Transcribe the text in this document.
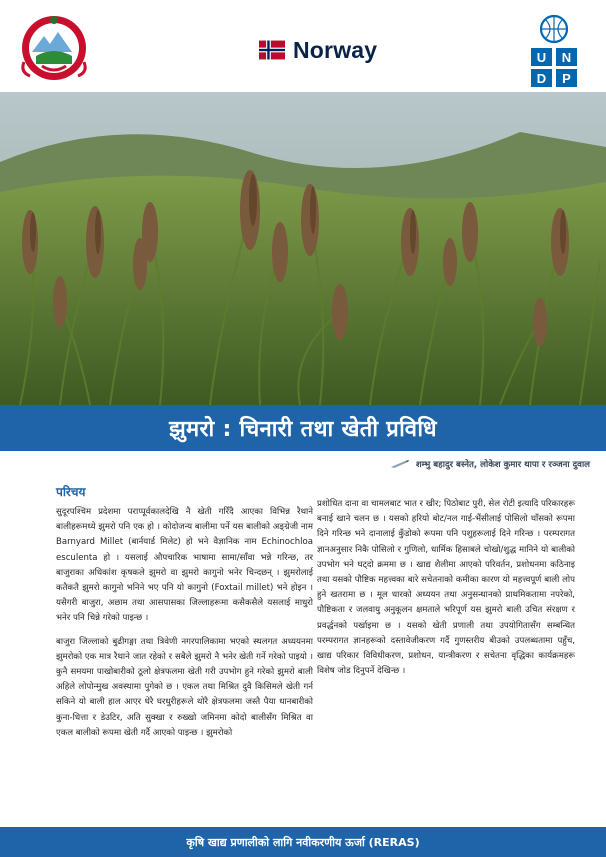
Norway	U N
D P
झुमरो : चिनारी तथा खेती प्रविधि
शम्भु बहादुर बस्नेत, लोकेश कुमार थापा र रञ्जना दुवाल
परिचय

सुदूरपश्चिम प्रदेशमा पराप्पूर्वकालदेखि नै खेती गरिँदै आएका विभिन्न रैथाने बालीहरूमध्ये झुमरो पनि एक हो । कोदोजन्य बालीमा पर्ने यस बालीको अङ्ग्रेजी नाम Barnyard Millet (बार्नयार्ड मिलेट) हो भने वैज्ञानिक नाम Echinochloa esculenta हो । यसलाई औपचारिक भाषामा सामा/साँवा भन्ने गरिन्छ, तर बाजुराका अधिकांश कृषकले झुमरो वा झुमरो कागुनो भनेर चिन्दछन् । झुमरोलाई कतैकतै झुमरो कागुनो भनिने भए पनि यो कागुनो (Foxtail millet) भने होइन । यसैगरी बाजुरा, अछाम तथा आसपासका जिल्लाहरूमा कसैकसैले यसलाई माधुरो भनेर पनि चिन्ने गरेको पाइन्छ ।

बाजुरा जिल्लाको बुढीगङ्गा तथा त्रिवेणी नगरपालिकामा भएको स्थलगत अध्ययनमा झुमरोको एक मात्र रैथाने जात रहेको र सबैले झुमरो नै भनेर खेती गर्ने गरेको पाइयो । कुनै समयमा पाखोबारीको ठूलो क्षेत्रफलमा खेती गरी उपभोग हुने गरेको झुमरो बाली अहिले लोपोन्मुख अवस्थामा पुगेको छ । एकल तथा मिश्रित दुवै किसिमले खेती गर्न सकिने यो बाली हाल आएर धेरै घरधुरीहरूले थोरै क्षेत्रफलमा जस्तै पैया धानबारीको कुना-धित्ता र डेउटिर, अति सुक्खा र रुख्खो जमिनमा कोदो बालीसँग मिश्रित वा एकल बालीको रूपमा खेती गर्दै आएको पाइन्छ । झुमरोको

प्रशोधित दाना वा चामलबाट भात र खीर; पिठोबाट पुरी, सेल रोटी इत्यादि परिकारहरू बनाई खाने चलन छ । यसको हरियो बोट/नल गाई-भैंसीलाई पोसिलो घाँसको रूपमा दिने गरिन्छ भने दानालाई कुँडोको रूपमा पनि पशुहरूलाई दिने गरिन्छ । परम्परागत ज्ञानअनुसार निकै पोसिलो र गुणिलो, धार्मिक हिसाबले चोखो/शुद्ध मानिने यो बालीको उपभोग भने घट्दो क्रममा छ । खाद्य शैलीमा आएको परिवर्तन, प्रशोधनमा कठिनाइ तथा यसको पौष्टिक महत्त्वका बारे सचेतनाको कमीका कारण यो महत्त्वपूर्ण बाली लोप हुने खतरामा छ । मूल धारको अध्ययन तथा अनुसन्धानको प्राथमिकतामा नपरेको, पौष्टिकता र जलवायु अनुकूलन क्षमताले भरिपूर्ण यस झुमरो बाली उचित संरक्षण र प्रवर्द्धनको पर्खाइमा छ । यसको खेती प्रणाली तथा उपयोगितासँग सम्बन्धित परम्परागत ज्ञानहरूको दस्तावेजीकरण गर्दै गुणस्तरीय बीउको उपलब्धतामा पहुँच, खाद्य परिकार विविधीकरण, प्रशोधन, यान्त्रीकरण र सचेतना वृद्धिका कार्यक्रमहरू विशेष जोड दिनुपर्ने देखिन्छ ।

कृषि खाद्य प्रणालीको लागि नवीकरणीय ऊर्जा (RERAS)
